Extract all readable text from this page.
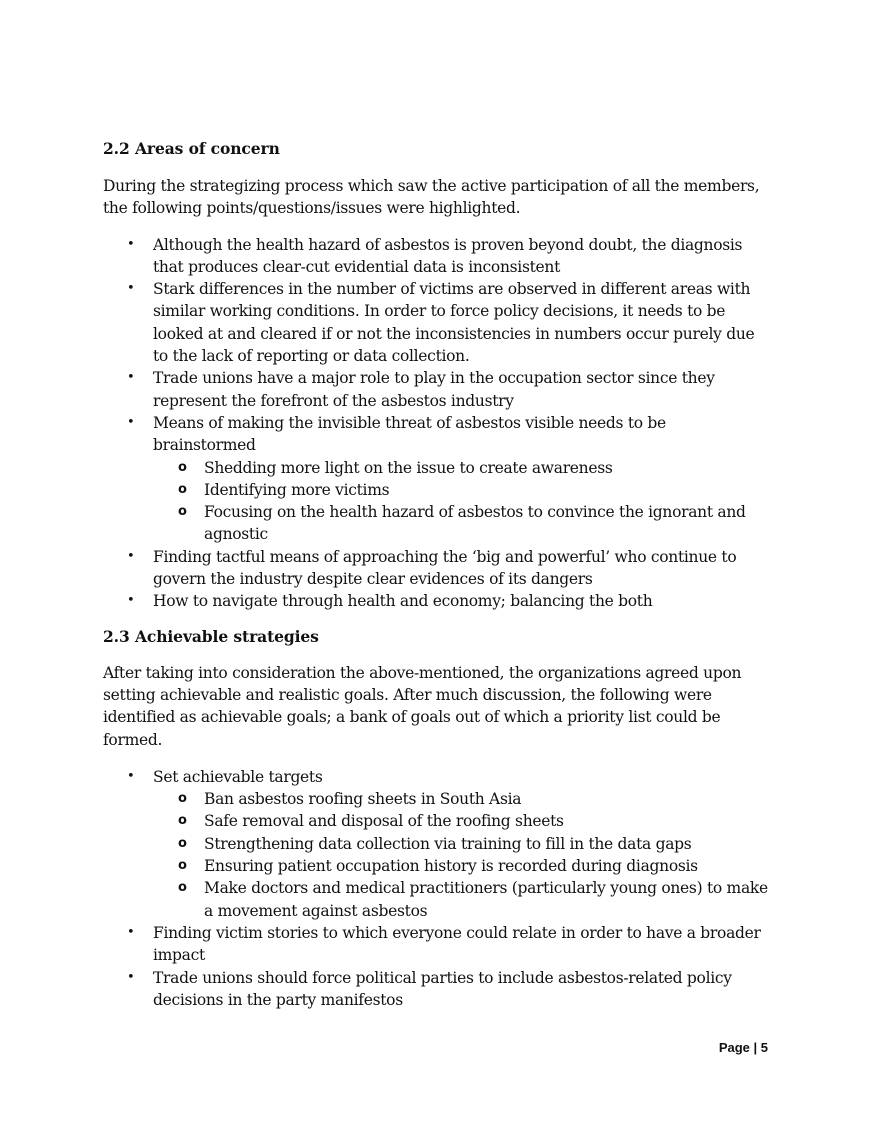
2.2 Areas of concern

During the strategizing process which saw the active participation of all the members, the following points/questions/issues were highlighted.

• Although the health hazard of asbestos is proven beyond doubt, the diagnosis that produces clear-cut evidential data is inconsistent
• Stark differences in the number of victims are observed in different areas with similar working conditions. In order to force policy decisions, it needs to be looked at and cleared if or not the inconsistencies in numbers occur purely due to the lack of reporting or data collection.
• Trade unions have a major role to play in the occupation sector since they represent the forefront of the asbestos industry
• Means of making the invisible threat of asbestos visible needs to be brainstormed
o Shedding more light on the issue to create awareness
o Identifying more victims
o Focusing on the health hazard of asbestos to convince the ignorant and agnostic
• Finding tactful means of approaching the ‘big and powerful’ who continue to govern the industry despite clear evidences of its dangers
• How to navigate through health and economy; balancing the both
2.3 Achievable strategies

After taking into consideration the above-mentioned, the organizations agreed upon setting achievable and realistic goals. After much discussion, the following were identified as achievable goals; a bank of goals out of which a priority list could be formed.

• Set achievable targets
o Ban asbestos roofing sheets in South Asia
o Safe removal and disposal of the roofing sheets
o Strengthening data collection via training to fill in the data gaps
o Ensuring patient occupation history is recorded during diagnosis
o Make doctors and medical practitioners (particularly young ones) to make a movement against asbestos
• Finding victim stories to which everyone could relate in order to have a broader impact
• Trade unions should force political parties to include asbestos-related policy decisions in the party manifestos
Page | 5
